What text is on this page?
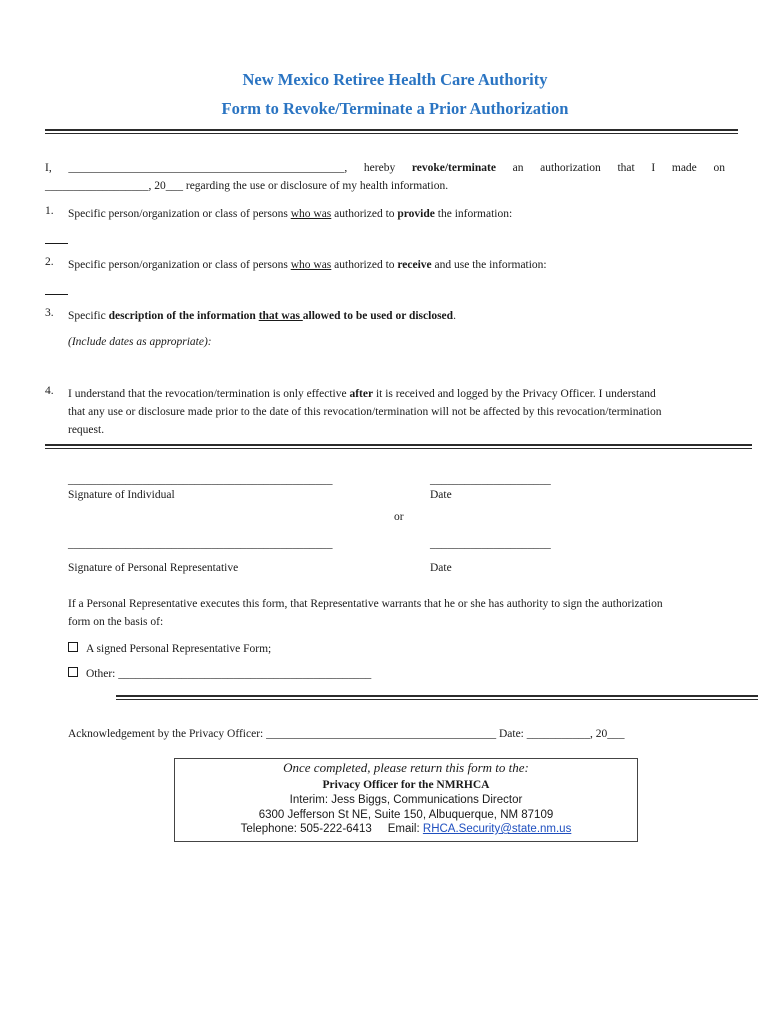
New Mexico Retiree Health Care Authority
Form to Revoke/Terminate a Prior Authorization
I, ________________________________________________, hereby revoke/terminate an authorization that I made on
__________________, 20___ regarding the use or disclosure of my health information.
1. Specific person/organization or class of persons who was authorized to provide the information:
2. Specific person/organization or class of persons who was authorized to receive and use the information:
3. Specific description of the information that was allowed to be used or disclosed.
(Include dates as appropriate):
4. I understand that the revocation/termination is only effective after it is received and logged by the Privacy Officer. I understand
that any use or disclosure made prior to the date of this revocation/termination will not be affected by this revocation/termination
request.
______________________________________________	_____________________
Signature of Individual	Date
or
______________________________________________	_____________________
Signature of Personal Representative	Date
If a Personal Representative executes this form, that Representative warrants that he or she has authority to sign the authorization
form on the basis of:
A signed Personal Representative Form;
Other: ____________________________________________
Acknowledgement by the Privacy Officer: ________________________________________ Date: ___________, 20___
Once completed, please return this form to the:
Privacy Officer for the NMRHCA
Interim: Jess Biggs, Communications Director
6300 Jefferson St NE, Suite 150, Albuquerque, NM 87109
Telephone: 505-222-6413 Email: RHCA.Security@state.nm.us
